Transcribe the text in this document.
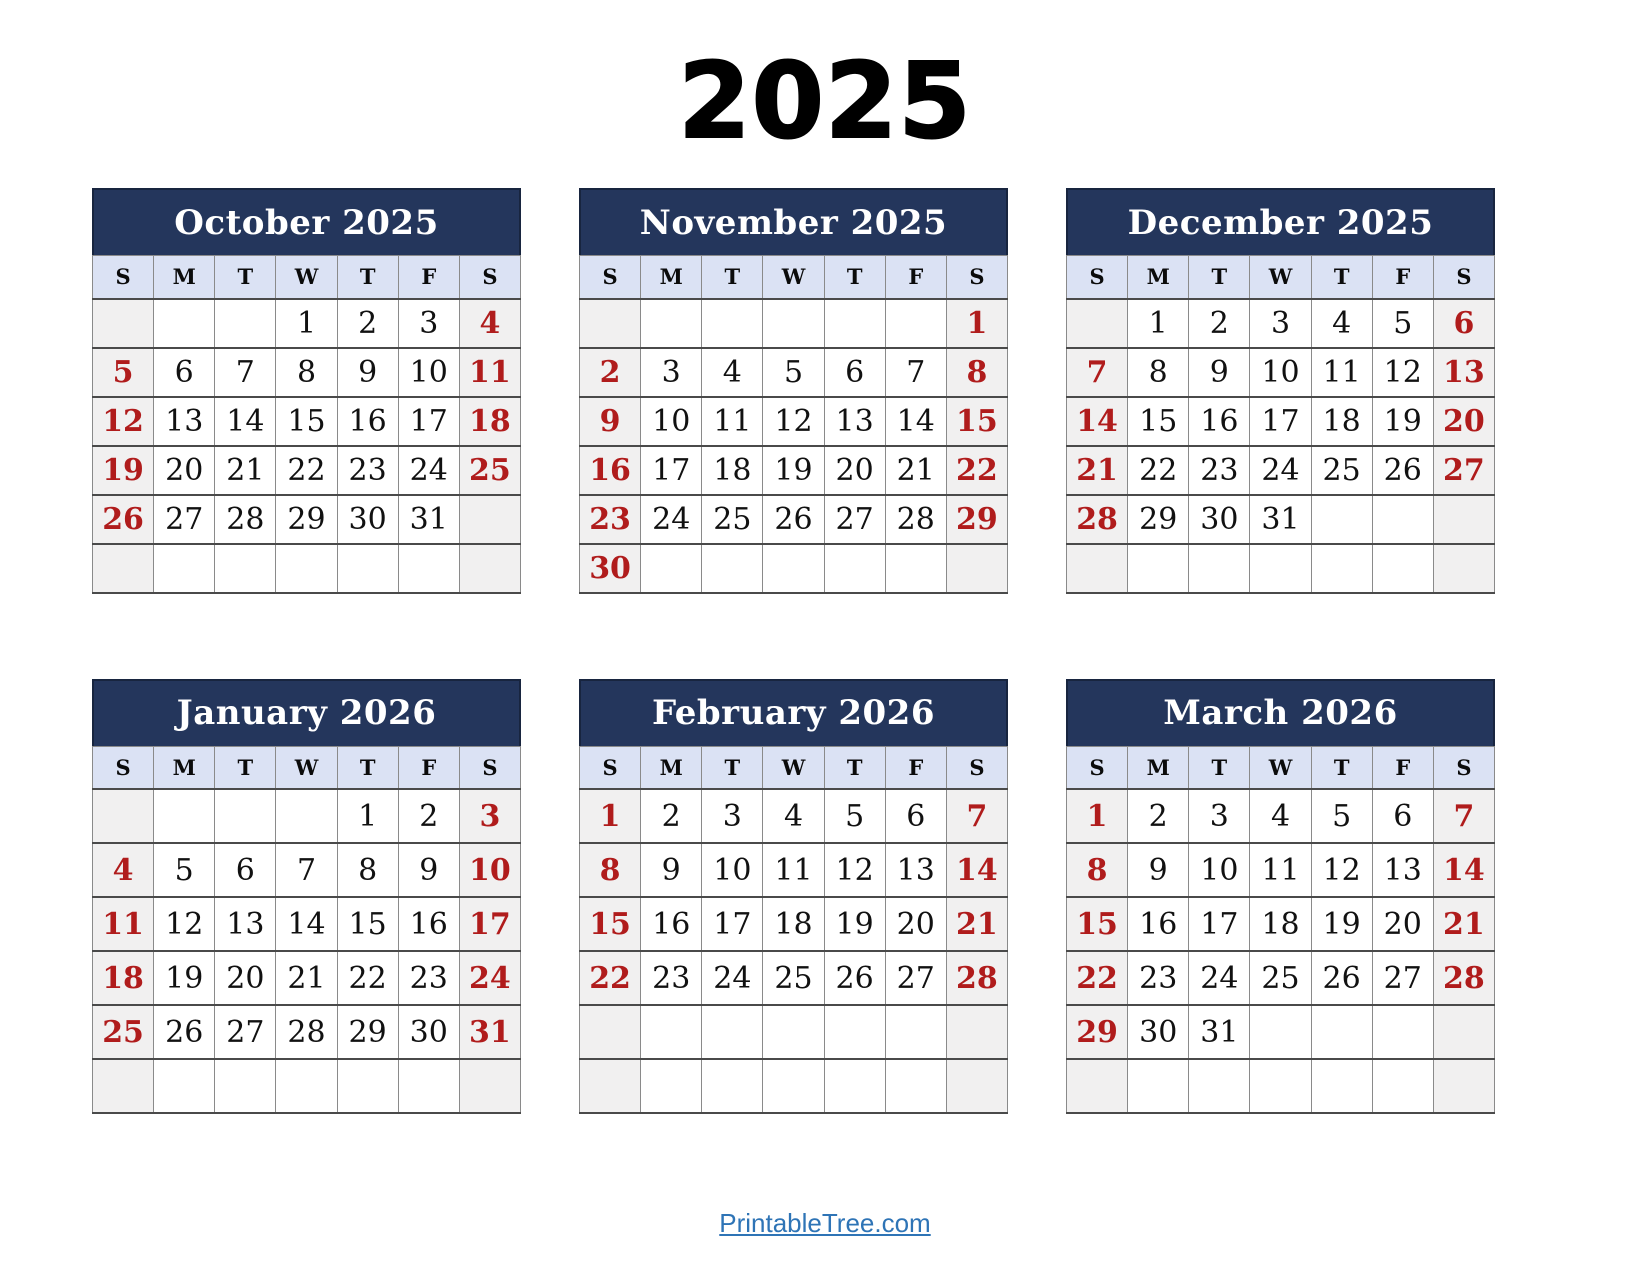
2025
October 2025
S	M	T	W	T	F	S
			1	2	3	4
5	6	7	8	9	10	11
12	13	14	15	16	17	18
19	20	21	22	23	24	25
26	27	28	29	30	31	

November 2025
S	M	T	W	T	F	S
						1
2	3	4	5	6	7	8
9	10	11	12	13	14	15
16	17	18	19	20	21	22
23	24	25	26	27	28	29
30						
December 2025
S	M	T	W	T	F	S
	1	2	3	4	5	6
7	8	9	10	11	12	13
14	15	16	17	18	19	20
21	22	23	24	25	26	27
28	29	30	31			

January 2026
S	M	T	W	T	F	S
				1	2	3
4	5	6	7	8	9	10
11	12	13	14	15	16	17
18	19	20	21	22	23	24
25	26	27	28	29	30	31

February 2026
S	M	T	W	T	F	S
1	2	3	4	5	6	7
8	9	10	11	12	13	14
15	16	17	18	19	20	21
22	23	24	25	26	27	28

March 2026
S	M	T	W	T	F	S
1	2	3	4	5	6	7
8	9	10	11	12	13	14
15	16	17	18	19	20	21
22	23	24	25	26	27	28
29	30	31				

PrintableTree.com
